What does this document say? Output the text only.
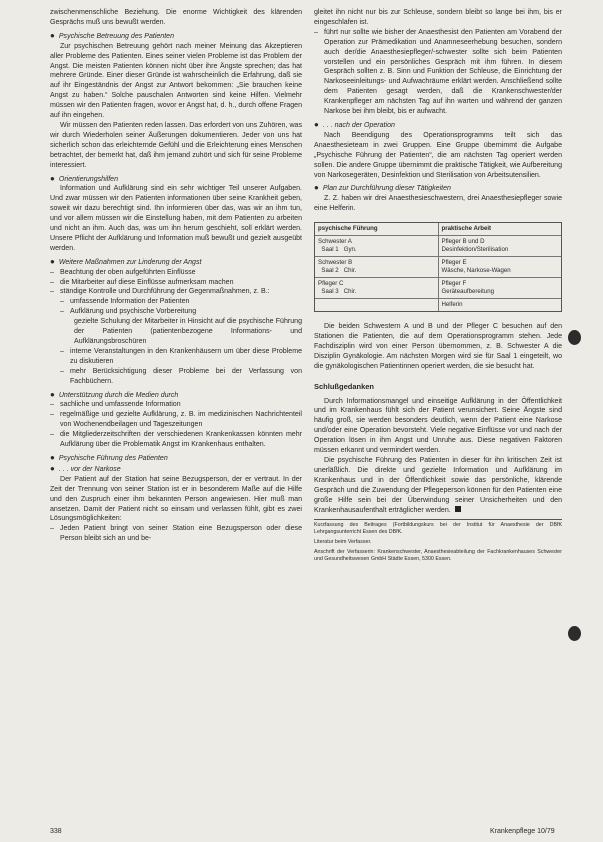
zwischenmenschliche Beziehung. Die enorme Wichtigkeit des klärenden Gesprächs muß uns bewußt werden.

● Psychische Betreuung des Patienten

Zur psychischen Betreuung gehört nach meiner Meinung das Akzeptieren aller Probleme des Patienten. Eines seiner vielen Probleme ist das Problem der Angst. Die meisten Patienten können nicht über ihre Ängste sprechen; das hat mehrere Gründe. Einer dieser Gründe ist wahrscheinlich die Erfahrung, daß sie auf ihr Eingeständnis der Angst zur Antwort bekommen: „Sie brauchen keine Angst zu haben.“ Solche pauschalen Antworten sind keine Hilfen. Vielmehr müssen wir den Patienten fragen, wovor er Angst hat, d. h., durch offene Fragen auf ihn eingehen.

Wir müssen den Patienten reden lassen. Das erfordert von uns Zuhören, was wir durch Wiederholen seiner Äußerungen dokumentieren. Jeder von uns hat sicherlich schon das erleichternde Gefühl und die Erleichterung eines Menschen betrachtet, der bemerkt hat, daß ihm jemand zuhört und sich für seine Probleme interessiert.

● Orientierungshilfen

Information und Aufklärung sind ein sehr wichtiger Teil unserer Aufgaben. Und zwar müssen wir den Patienten informationen über seine Krankheit geben, soweit wir dazu berechtigt sind. Ihn informieren über das, was wir an ihm tun, und vor allem müssen wir die Einstellung haben, mit dem Patienten zu arbeiten und nicht an ihm. Auch das, was um ihn herum geschieht, soll erklärt werden. Unsere Pflicht der Aufklärung und Information muß bewußt und gezielt ausgeübt werden.

● Weitere Maßnahmen zur Linderung der Angst
– Beachtung der oben aufgeführten Einflüsse
– die Mitarbeiter auf diese Einflüsse aufmerksam machen
– ständige Kontrolle und Durchführung der Gegenmaßnahmen, z. B.:
– umfassende Information der Patienten
– Aufklärung und psychische Vorbereitung
gezielte Schulung der Mitarbeiter in Hinsicht auf die psychische Führung der Patienten (patientenbezogene Informations- und Aufklärungsbroschüren
– interne Veranstaltungen in den Krankenhäusern um über diese Probleme zu diskutieren
– mehr Berücksichtigung dieser Probleme bei der Verfassung von Fachbüchern.
● Unterstützung durch die Medien durch
– sachliche und umfassende Information
– regelmäßige und gezielte Aufklärung, z. B. im medizinischen Nachrichtenteil von Wochenendbeilagen und Tageszeitungen
– die Mitgliederzeitschriften der verschiedenen Krankenkassen könnten mehr Aufklärung über die Problematik Angst im Krankenhaus enthalten.
● Psychische Führung des Patienten
● . . . vor der Narkose

Der Patient auf der Station hat seine Bezugsperson, der er vertraut. In der Zeit der Trennung von seiner Station ist er in besonderem Maße auf die Hilfe und den Zuspruch einer ihm bekannten Person angewiesen. Hier muß man ansetzen. Damit der Patient nicht so einsam und verlassen fühlt, gibt es zwei Lösungsmöglichkeiten:

– Jeden Patient bringt von seiner Station eine Bezugsperson oder diese Person bleibt sich an und be-

gleitet ihn nicht nur bis zur Schleuse, sondern bleibt so lange bei ihm, bis er eingeschlafen ist.

– führt nur sollte wie bisher der Anaesthesist den Patienten am Vorabend der Operation zur Prämedikation und Anamneseerhebung besuchen, sondern auch der/die Anaesthesiepfleger/-schwester sollte sich beim Patienten vorstellen und ein persönliches Gespräch mit ihm führen. In diesem Gespräch sollten z. B. Sinn und Funktion der Schleuse, die Einrichtung der Narkoseeinleitungs- und Aufwachräume erklärt werden. Anschließend sollte dem Patienten gesagt werden, daß die Krankenschwester/der Krankenpfleger am nächsten Tag auf ihn warten und während der ganzen Narkose bei ihm bleibt, bis er aufwacht.
● . . . nach der Operation

Nach Beendigung des Operationsprogramms teilt sich das Anaesthesieteam in zwei Gruppen. Eine Gruppe übernimmt die Aufgabe „Psychische Führung der Patienten“, die am nächsten Tag operiert werden sollen. Die andere Gruppe übernimmt die praktische Tätigkeit, wie Aufbereitung von Narkosegeräten, Desinfektion und Sterilisation von Arbeitsutensilien.

● Plan zur Durchführung dieser Tätigkeiten

Z. Z. haben wir drei Anaesthesieschwestern, drei Anaesthesiepfleger sowie eine Helferin.

psychische Führung	praktische Arbeit
Schwester A
Saal 1   Gyn.
Pfleger B und D
Desinfektion/Sterilisation
Schwester B
Saal 2   Chir.
Pfleger E
Wäsche, Narkose-Wagen
Pfleger C
Saal 3   Chir.
Pfleger F
Geräteaufbereitung
Helferin

Die beiden Schwestern A und B und der Pfleger C besuchen auf den Stationen die Patienten, die auf dem Operationsprogramm stehen. Jede Fachdisziplin wird von einer Person übernommen, z. B. Schwester A die Disziplin Gynäkologie. Am nächsten Morgen wird sie für Saal 1 eingeteilt, wo die gynäkologischen Patientinnen operiert werden, die sie besucht hat.

Schlußgedanken

Durch Informationsmangel und einseitige Aufklärung in der Öffentlichkeit und im Krankenhaus fühlt sich der Patient verunsichert. Seine Ängste sind häufig groß, sie werden besonders deutlich, wenn der Patient eine Narkose und/oder eine Operation bevorsteht. Viele negative Einflüsse vor und nach der Operation lösen in ihm Angst und Unruhe aus. Diese negativen Faktoren müssen erkannt und vermindert werden.

Die psychische Führung des Patienten in dieser für ihn kritischen Zeit ist unerläßlich. Die direkte und gezielte Information und Aufklärung im Krankenhaus und in der Öffentlichkeit sowie das persönliche, klärende Gespräch und die Zuwendung der Pflegeperson können für den Patienten eine große Hilfe sein bei der Überwindung seiner Unsicherheiten und den Krankenhausaufenthalt erträglicher werden.

Kurzfassung des Beitrages (Fortbildungskurs bei der Institut für Anaesthesie der DBfK Lehrgangsunterricht Essen des DBfK.
Literatur beim Verfasser.
Anschrift der Verfasserin: Krankenschwester, Anaesthesieabteilung der Fachkrankenhauses Schwester und Gesundheitswesen GmbH Städte Essen, 5300 Essen.
338	Krankenpflege 10/79
